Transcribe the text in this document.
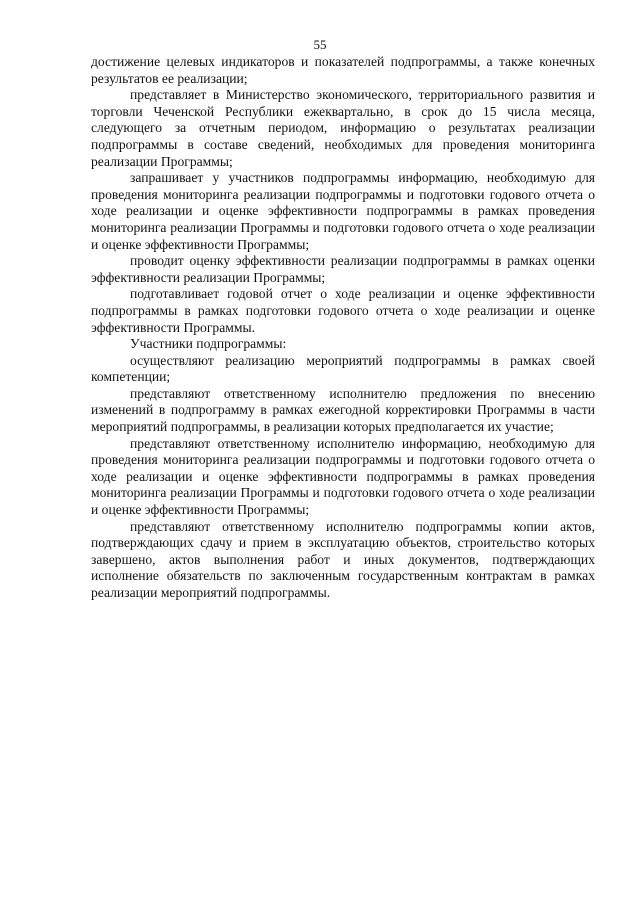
55

достижение целевых индикаторов и показателей подпрограммы, а также конечных результатов ее реализации;

представляет в Министерство экономического, территориального развития и торговли Чеченской Республики ежеквартально, в срок до 15 числа месяца, следующего за отчетным периодом, информацию о результатах реализации подпрограммы в составе сведений, необходимых для проведения мониторинга реализации Программы;

запрашивает у участников подпрограммы информацию, необходимую для проведения мониторинга реализации подпрограммы и подготовки годового отчета о ходе реализации и оценке эффективности подпрограммы в рамках проведения мониторинга реализации Программы и подготовки годового отчета о ходе реализации и оценке эффективности Программы;

проводит оценку эффективности реализации подпрограммы в рамках оценки эффективности реализации Программы;

подготавливает годовой отчет о ходе реализации и оценке эффективности подпрограммы в рамках подготовки годового отчета о ходе реализации и оценке эффективности Программы.

Участники подпрограммы:

осуществляют реализацию мероприятий подпрограммы в рамках своей компетенции;

представляют ответственному исполнителю предложения по внесению изменений в подпрограмму в рамках ежегодной корректировки Программы в части мероприятий подпрограммы, в реализации которых предполагается их участие;

представляют ответственному исполнителю информацию, необходимую для проведения мониторинга реализации подпрограммы и подготовки годового отчета о ходе реализации и оценке эффективности подпрограммы в рамках проведения мониторинга реализации Программы и подготовки годового отчета о ходе реализации и оценке эффективности Программы;

представляют ответственному исполнителю подпрограммы копии актов, подтверждающих сдачу и прием в эксплуатацию объектов, строительство которых завершено, актов выполнения работ и иных документов, подтверждающих исполнение обязательств по заключенным государственным контрактам в рамках реализации мероприятий подпрограммы.
